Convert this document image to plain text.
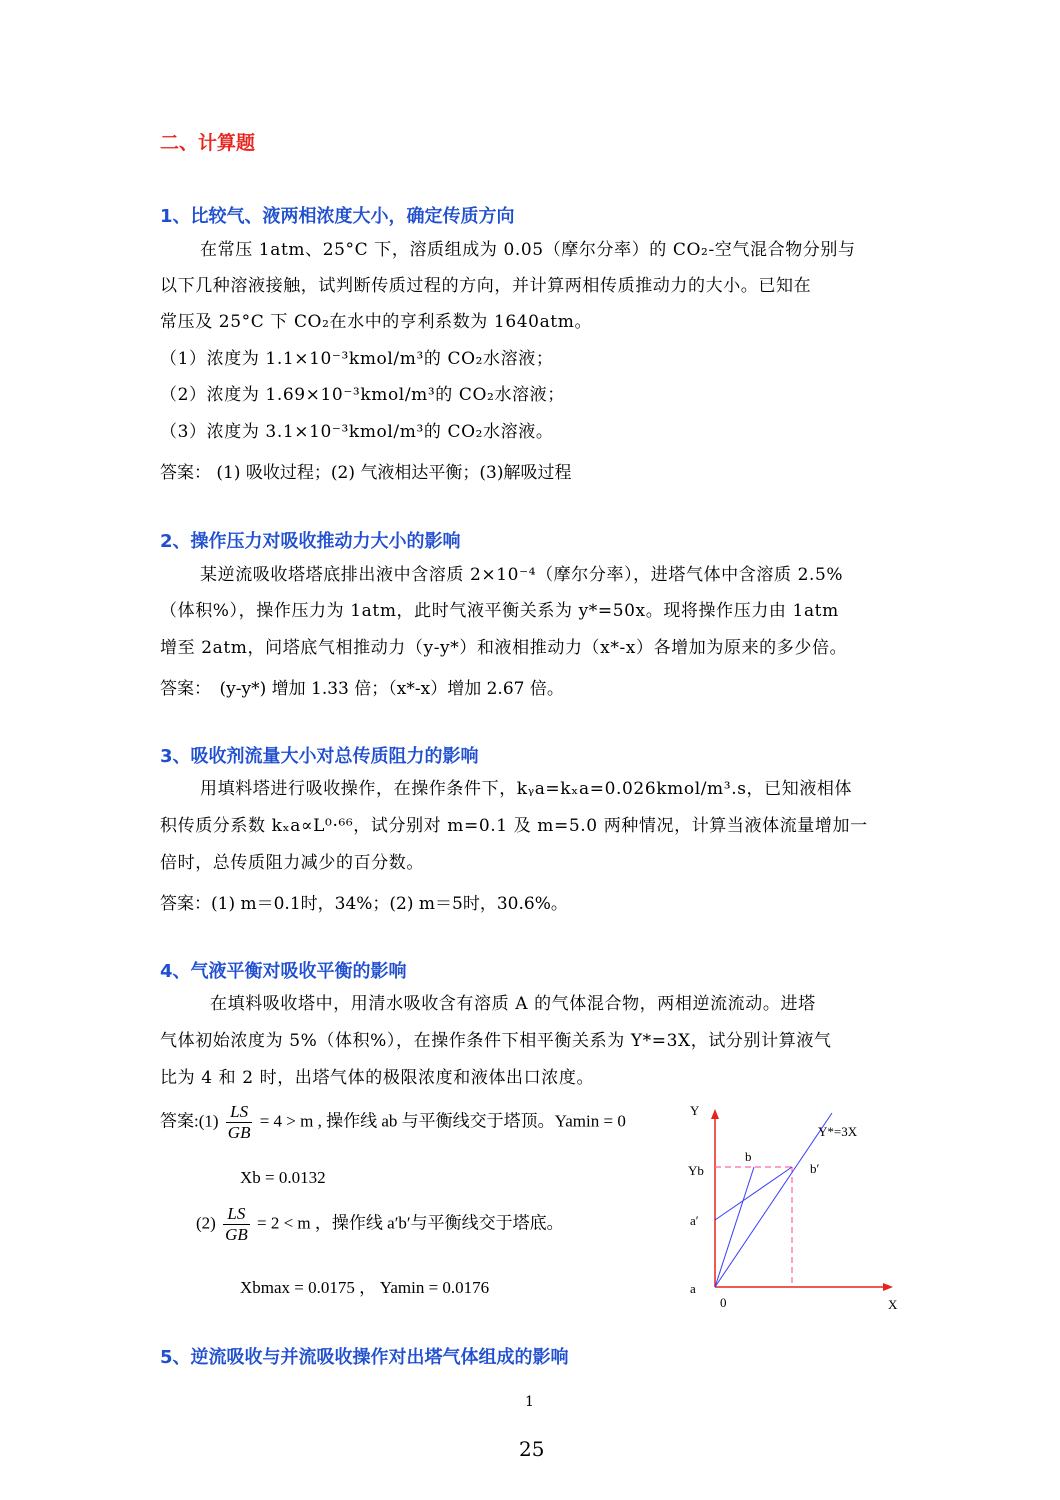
二、计算题
1、比较气、液两相浓度大小，确定传质方向
在常压 1atm、25°C 下，溶质组成为 0.05（摩尔分率）的 CO₂-空气混合物分别与
以下几种溶液接触，试判断传质过程的方向，并计算两相传质推动力的大小。已知在
常压及 25°C 下 CO₂在水中的亨利系数为 1640atm。
（1）浓度为 1.1×10⁻³kmol/m³的 CO₂水溶液；
（2）浓度为 1.69×10⁻³kmol/m³的 CO₂水溶液；
（3）浓度为 3.1×10⁻³kmol/m³的 CO₂水溶液。
答案： (1) 吸收过程；(2) 气液相达平衡；(3)解吸过程
2、操作压力对吸收推动力大小的影响
某逆流吸收塔塔底排出液中含溶质 2×10⁻⁴（摩尔分率），进塔气体中含溶质 2.5%
（体积%），操作压力为 1atm，此时气液平衡关系为 y*=50x。现将操作压力由 1atm
增至 2atm，问塔底气相推动力（y-y*）和液相推动力（x*-x）各增加为原来的多少倍。
答案：　(y-y*) 增加 1.33 倍；（x*-x）增加 2.67 倍。
3、吸收剂流量大小对总传质阻力的影响
用填料塔进行吸收操作，在操作条件下，kᵧa=kₓa=0.026kmol/m³.s，已知液相体
积传质分系数 kₓa∝L⁰·⁶⁶，试分别对 m=0.1 及 m=5.0 两种情况，计算当液体流量增加一
倍时，总传质阻力减少的百分数。
答案：(1) m＝0.1时，34%；(2) m＝5时，30.6%。
4、气液平衡对吸收平衡的影响
在填料吸收塔中，用清水吸收含有溶质 A 的气体混合物，两相逆流流动。进塔
气体初始浓度为 5%（体积%），在操作条件下相平衡关系为 Y*=3X，试分别计算液气
比为 4 和 2 时，出塔气体的极限浓度和液体出口浓度。
答案:(1) $\frac{LS}{GB} = 4 > m$ , 操作线 ab 与平衡线交于塔顶。Yamin = 0
Xb = 0.0132
$(2) \frac{LS}{GB} = 2 < m$ ，操作线 a′b′与平衡线交于塔底。
Xbmax = 0.0175 ， Yamin = 0.0176
Y
X
0
Y*=3X
Yb
b
b′
a′
a
5、逆流吸收与并流吸收操作对出塔气体组成的影响
1
25
